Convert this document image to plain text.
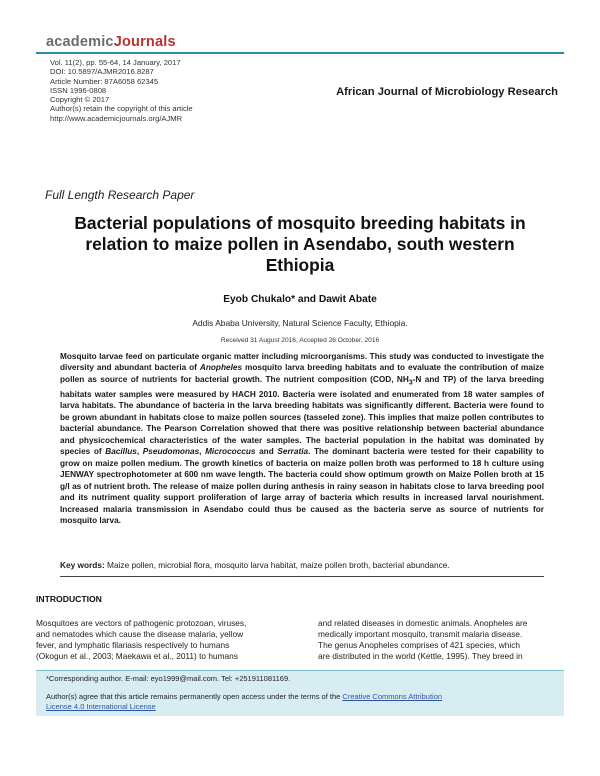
academicJournals
Vol. 11(2), pp. 55-64, 14 January, 2017
DOI: 10.5897/AJMR2016.8287
Article Number: 87A6058 62345
ISSN 1996-0808
Copyright © 2017
Author(s) retain the copyright of this article
http://www.academicjournals.org/AJMR
African Journal of Microbiology Research
Full Length Research Paper
Bacterial populations of mosquito breeding habitats in
relation to maize pollen in Asendabo, south western
Ethiopia
Eyob Chukalo* and Dawit Abate
Addis Ababa University, Natural Science Faculty, Ethiopia.
Received 31 August 2016, Accepted 26 October, 2016
Mosquito larvae feed on particulate organic matter including microorganisms. This study was conducted to investigate the diversity and abundant bacteria of Anopheles mosquito larva breeding habitats and to evaluate the contribution of maize pollen as source of nutrients for bacterial growth. The nutrient composition (COD, $NH_3-N$ and TP) of the larva breeding habitats water samples were measured by HACH 2010. Bacteria were isolated and enumerated from 18 water samples of larva habitats. The abundance of bacteria in the larva breeding habitats was significantly different. Bacteria were found to be grown abundant in habitats close to maize pollen sources (tasseled zone). This implies that maize pollen contributes to bacterial abundance. The Pearson Correlation showed that there was positive relationship between bacterial abundance and physicochemical characteristics of the water samples. The bacterial population in the habitat was dominated by species of Bacillus, Pseudomonas, Micrococcus and Serratia. The dominant bacteria were tested for their capability to grow on maize pollen medium. The growth kinetics of bacteria on maize pollen broth was performed to 18 h culture using JENWAY spectrophotometer at 600 nm wave length. The bacteria could show optimum growth on Maize Pollen broth at 15 g/l as of nutrient broth. The release of maize pollen during anthesis in rainy season in habitats close to larva breeding pool and its nutriment quality support proliferation of large array of bacteria which results in increased larval nourishment. Increased malaria transmission in Asendabo could thus be caused as the bacteria serve as source of nutrients for mosquito larva.
Key words: Maize pollen, microbial flora, mosquito larva habitat, maize pollen broth, bacterial abundance.
INTRODUCTION
Mosquitoes are vectors of pathogenic protozoan, viruses,
and nematodes which cause the disease malaria, yellow
fever, and lymphatic filariasis respectively to humans
(Okogun et al., 2003; Maekawa et al., 2011) to humans
and related diseases in domestic animals. Anopheles are
medically important mosquito, transmit malaria disease.
The genus Anopheles comprises of 421 species, which
are distributed in the world (Kettle, 1995). They breed in
*Corresponding author. E-mail: eyo1999@mail.com. Tel: +251911081169.
Author(s) agree that this article remains permanently open access under the terms of the Creative Commons Attribution
License 4.0 International License
